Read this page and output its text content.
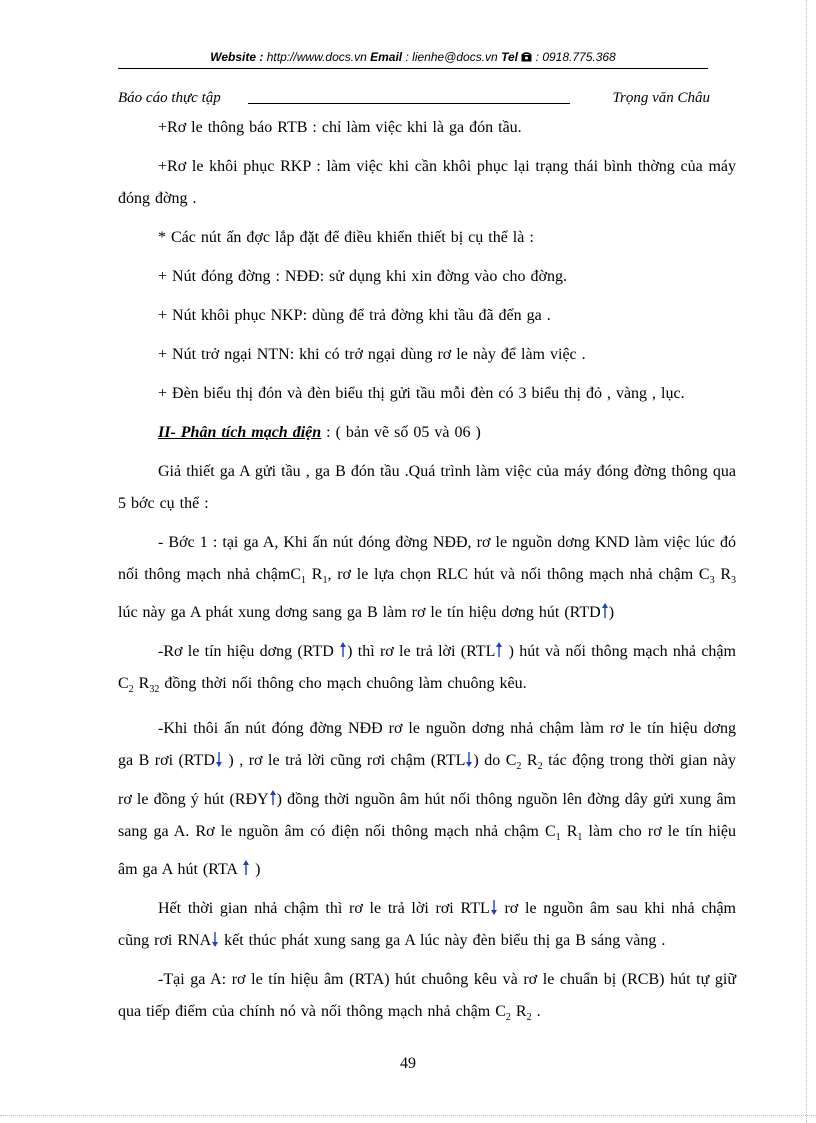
Website : http://www.docs.vn Email : lienhe@docs.vn Tel : 0918.775.368
Báo cáo thực tập	Trọng văn Châu

+Rơ le thông báo RTB : chỉ làm việc khi là ga đón tầu.

+Rơ le khôi phục RKP : làm việc khi cần khôi phục lại trạng thái bình thờng của máy đóng đờng .

* Các nút ấn đợc lắp đặt để điều khiển thiết bị cụ thể là :

+ Nút đóng đờng : NĐĐ: sử dụng khi xin đờng vào cho đờng.

+ Nút khôi phục NKP: dùng để trả đờng khi tầu đã đến ga .

+ Nút trở ngại NTN: khi có trở ngại dùng rơ le này để làm việc .

+ Đèn biểu thị đón và đèn biểu thị gửi tầu mỗi đèn có 3 biểu thị đỏ , vàng , lục.

II- Phân tích mạch điện : ( bản vẽ số 05 và 06 )

Giả thiết ga A gửi tầu , ga B đón tầu .Quá trình làm việc của máy đóng đờng thông qua 5 bớc cụ thể :

- Bớc 1 : tại ga A, Khi ấn nút đóng đờng NĐĐ, rơ le nguồn dơng KND làm việc lúc đó nối thông mạch nhả chậmC$_1$ $R_1$, rơ le lựa chọn RLC hút và nối thông mạch nhả chậm $C_3$ $R_3$ lúc này ga A phát xung dơng sang ga B làm rơ le tín hiệu dơng hút (RTD )

-Rơ le tín hiệu dơng (RTD
) thì rơ le trả lời (RTL
) hút và nối thông mạch nhả chậm $C_2$ $R_{32}$ đồng thời nối thông cho mạch chuông làm chuông kêu.

-Khi thôi ấn nút đóng đờng NĐĐ rơ le nguồn dơng nhả chậm làm rơ le tín hiệu dơng ga B rơi (RTD
) , rơ le trả lời cũng rơi chậm (RTL ) do $C_2$ $R_2$ tác động trong thời gian này rơ le đồng ý hút (RĐY ) đồng thời nguồn âm hút nối thông nguồn lên đờng dây gửi xung âm sang ga A. Rơ le nguồn âm có điện nối thông mạch nhả chậm $C_1$ $R_1$ làm cho rơ le tín hiệu âm ga A hút (RTA
)

Hết thời gian nhả chậm thì rơ le trả lời rơi RTL
rơ le nguồn âm sau khi nhả chậm cũng rơi RNA
kết thúc phát xung sang ga A lúc này đèn biểu thị ga B sáng vàng .

-Tại ga A: rơ le tín hiệu âm (RTA) hút chuông kêu và rơ le chuẩn bị (RCB) hút tự giữ qua tiếp điểm của chính nó và nối thông mạch nhả chậm $C_2$ $R_2$ .

49
